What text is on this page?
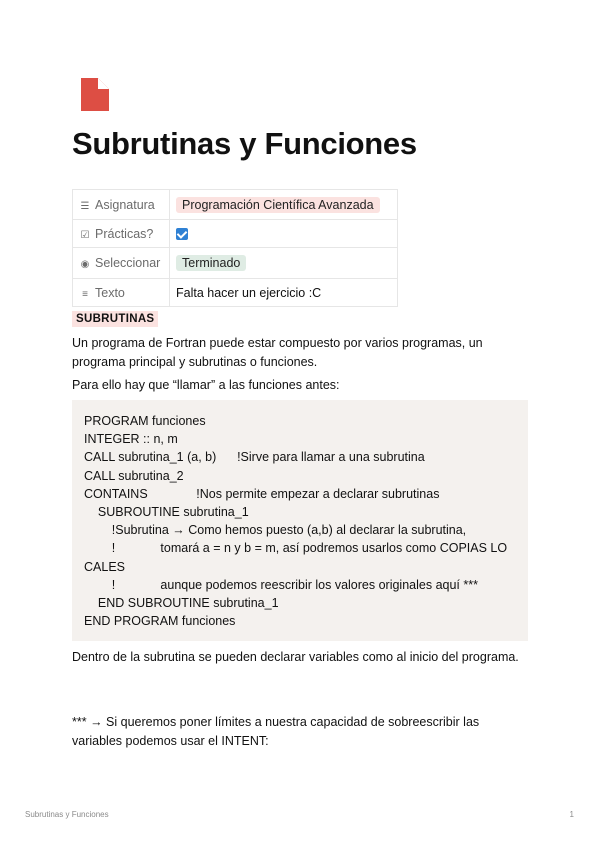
Subrutinas y Funciones
☰ Asignatura	Programación Científica Avanzada
☑ Prácticas?	
◉ Seleccionar	Terminado
≡ Texto	Falta hacer un ejercicio :C
SUBRUTINAS

Un programa de Fortran puede estar compuesto por varios programas, un programa principal y subrutinas o funciones.

Para ello hay que “llamar” a las funciones antes:

PROGRAM funciones
INTEGER :: n, m
CALL subrutina_1 (a, b)      !Sirve para llamar a una subrutina
CALL subrutina_2
CONTAINS              !Nos permite empezar a declarar subrutinas
SUBROUTINE subrutina_1
!Subrutina → Como hemos puesto (a,b) al declarar la subrutina,
!             tomará a = n y b = m, así podremos usarlos como COPIAS LOCALES
!             aunque podemos reescribir los valores originales aquí ***
END SUBROUTINE subrutina_1
END PROGRAM funciones

Dentro de la subrutina se pueden declarar variables como al inicio del programa.

*** → Si queremos poner límites a nuestra capacidad de sobreescribir las variables podemos usar el INTENT:

Subrutinas y Funciones	1
